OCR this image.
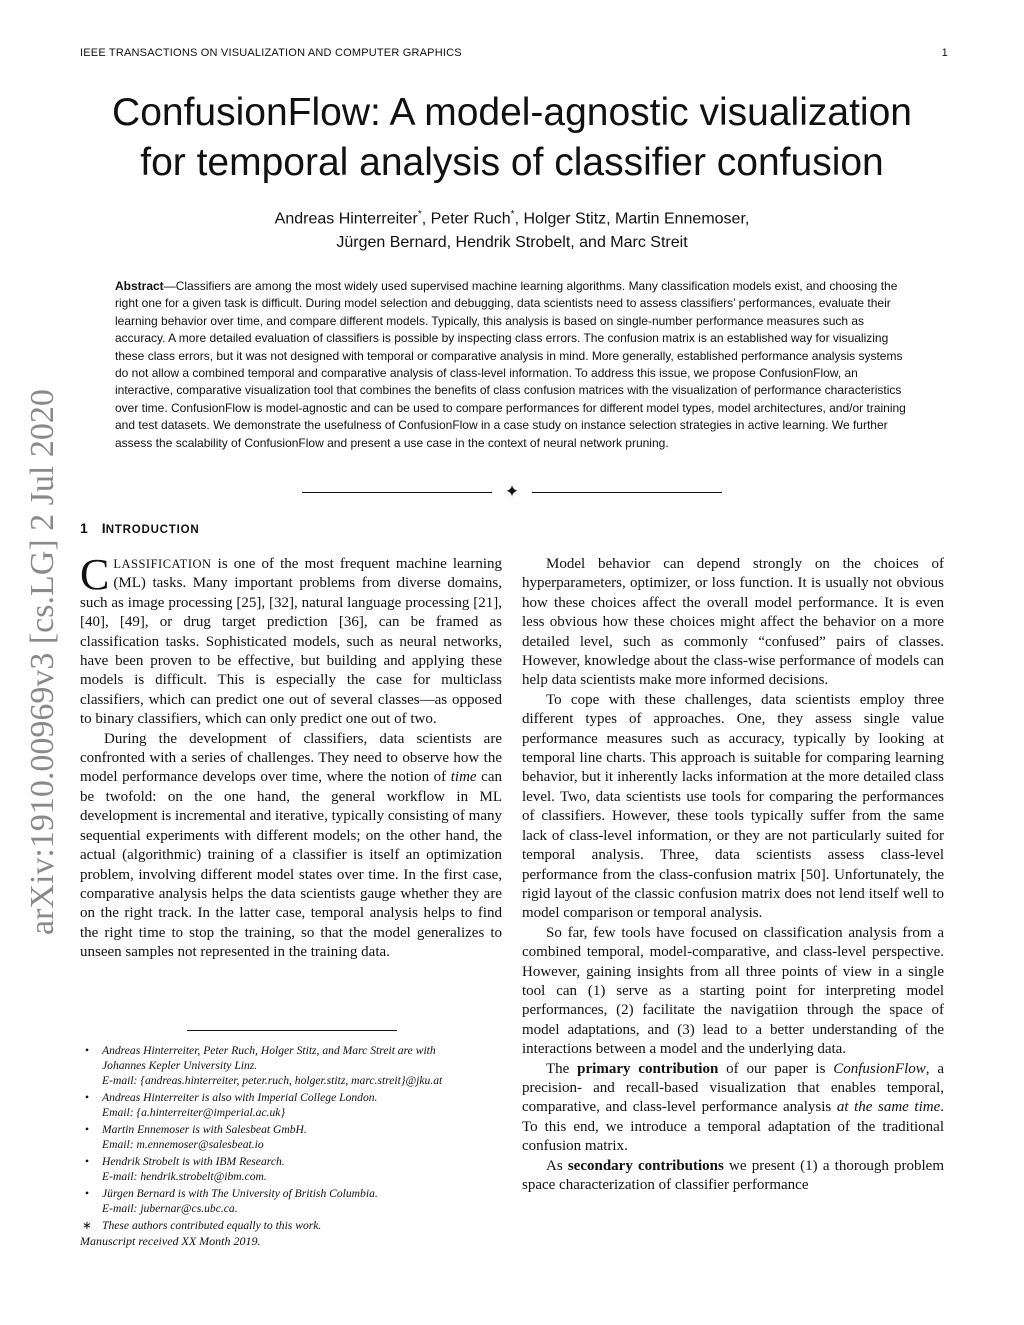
IEEE TRANSACTIONS ON VISUALIZATION AND COMPUTER GRAPHICS	1
arXiv:1910.00969v3 [cs.LG] 2 Jul 2020
ConfusionFlow: A model-agnostic visualization
for temporal analysis of classifier confusion
Andreas Hinterreiter*, Peter Ruch*, Holger Stitz, Martin Ennemoser,
Jürgen Bernard, Hendrik Strobelt, and Marc Streit
Abstract—Classifiers are among the most widely used supervised machine learning algorithms. Many classification models exist, and choosing the right one for a given task is difficult. During model selection and debugging, data scientists need to assess classifiers’ performances, evaluate their learning behavior over time, and compare different models. Typically, this analysis is based on single-number performance measures such as accuracy. A more detailed evaluation of classifiers is possible by inspecting class errors. The confusion matrix is an established way for visualizing these class errors, but it was not designed with temporal or comparative analysis in mind. More generally, established performance analysis systems do not allow a combined temporal and comparative analysis of class-level information. To address this issue, we propose ConfusionFlow, an interactive, comparative visualization tool that combines the benefits of class confusion matrices with the visualization of performance characteristics over time. ConfusionFlow is model-agnostic and can be used to compare performances for different model types, model architectures, and/or training and test datasets. We demonstrate the usefulness of ConfusionFlow in a case study on instance selection strategies in active learning. We further assess the scalability of ConfusionFlow and present a use case in the context of neural network pruning.
✦
1 INTRODUCTION

CLASSIFICATION is one of the most frequent machine learning (ML) tasks. Many important problems from diverse domains, such as image processing [25], [32], natural language processing [21], [40], [49], or drug target prediction [36], can be framed as classification tasks. Sophisticated models, such as neural networks, have been proven to be effective, but building and applying these models is difficult. This is especially the case for multiclass classifiers, which can predict one out of several classes—as opposed to binary classifiers, which can only predict one out of two.

During the development of classifiers, data scientists are confronted with a series of challenges. They need to observe how the model performance develops over time, where the notion of time can be twofold: on the one hand, the general workflow in ML development is incremental and iterative, typically consisting of many sequential experiments with different models; on the other hand, the actual (algorithmic) training of a classifier is itself an optimization problem, involving different model states over time. In the first case, comparative analysis helps the data scientists gauge whether they are on the right track. In the latter case, temporal analysis helps to find the right time to stop the training, so that the model generalizes to unseen samples not represented in the training data.

•	Andreas Hinterreiter, Peter Ruch, Holger Stitz, and Marc Streit are with
Johannes Kepler University Linz.
E-mail: {andreas.hinterreiter, peter.ruch, holger.stitz, marc.streit}@jku.at
•	Andreas Hinterreiter is also with Imperial College London.
Email: {a.hinterreiter@imperial.ac.uk}
•	Martin Ennemoser is with Salesbeat GmbH.
Email: m.ennemoser@salesbeat.io
•	Hendrik Strobelt is with IBM Research.
E-mail: hendrik.strobelt@ibm.com.
•	Jürgen Bernard is with The University of British Columbia.
E-mail: jubernar@cs.ubc.ca.
∗ These authors contributed equally to this work.
Manuscript received XX Month 2019.

Model behavior can depend strongly on the choices of hyperparameters, optimizer, or loss function. It is usually not obvious how these choices affect the overall model performance. It is even less obvious how these choices might affect the behavior on a more detailed level, such as commonly “confused” pairs of classes. However, knowledge about the class-wise performance of models can help data scientists make more informed decisions.

To cope with these challenges, data scientists employ three different types of approaches. One, they assess single value performance measures such as accuracy, typically by looking at temporal line charts. This approach is suitable for comparing learning behavior, but it inherently lacks information at the more detailed class level. Two, data scientists use tools for comparing the performances of classifiers. However, these tools typically suffer from the same lack of class-level information, or they are not particularly suited for temporal analysis. Three, data scientists assess class-level performance from the class-confusion matrix [50]. Unfortunately, the rigid layout of the classic confusion matrix does not lend itself well to model comparison or temporal analysis.

So far, few tools have focused on classification analysis from a combined temporal, model-comparative, and class-level perspective. However, gaining insights from all three points of view in a single tool can (1) serve as a starting point for interpreting model performances, (2) facilitate the navigatiion through the space of model adaptations, and (3) lead to a better understanding of the interactions between a model and the underlying data.

The primary contribution of our paper is ConfusionFlow, a precision- and recall-based visualization that enables temporal, comparative, and class-level performance analysis at the same time. To this end, we introduce a temporal adaptation of the traditional confusion matrix.

As secondary contributions we present (1) a thorough problem space characterization of classifier performance
